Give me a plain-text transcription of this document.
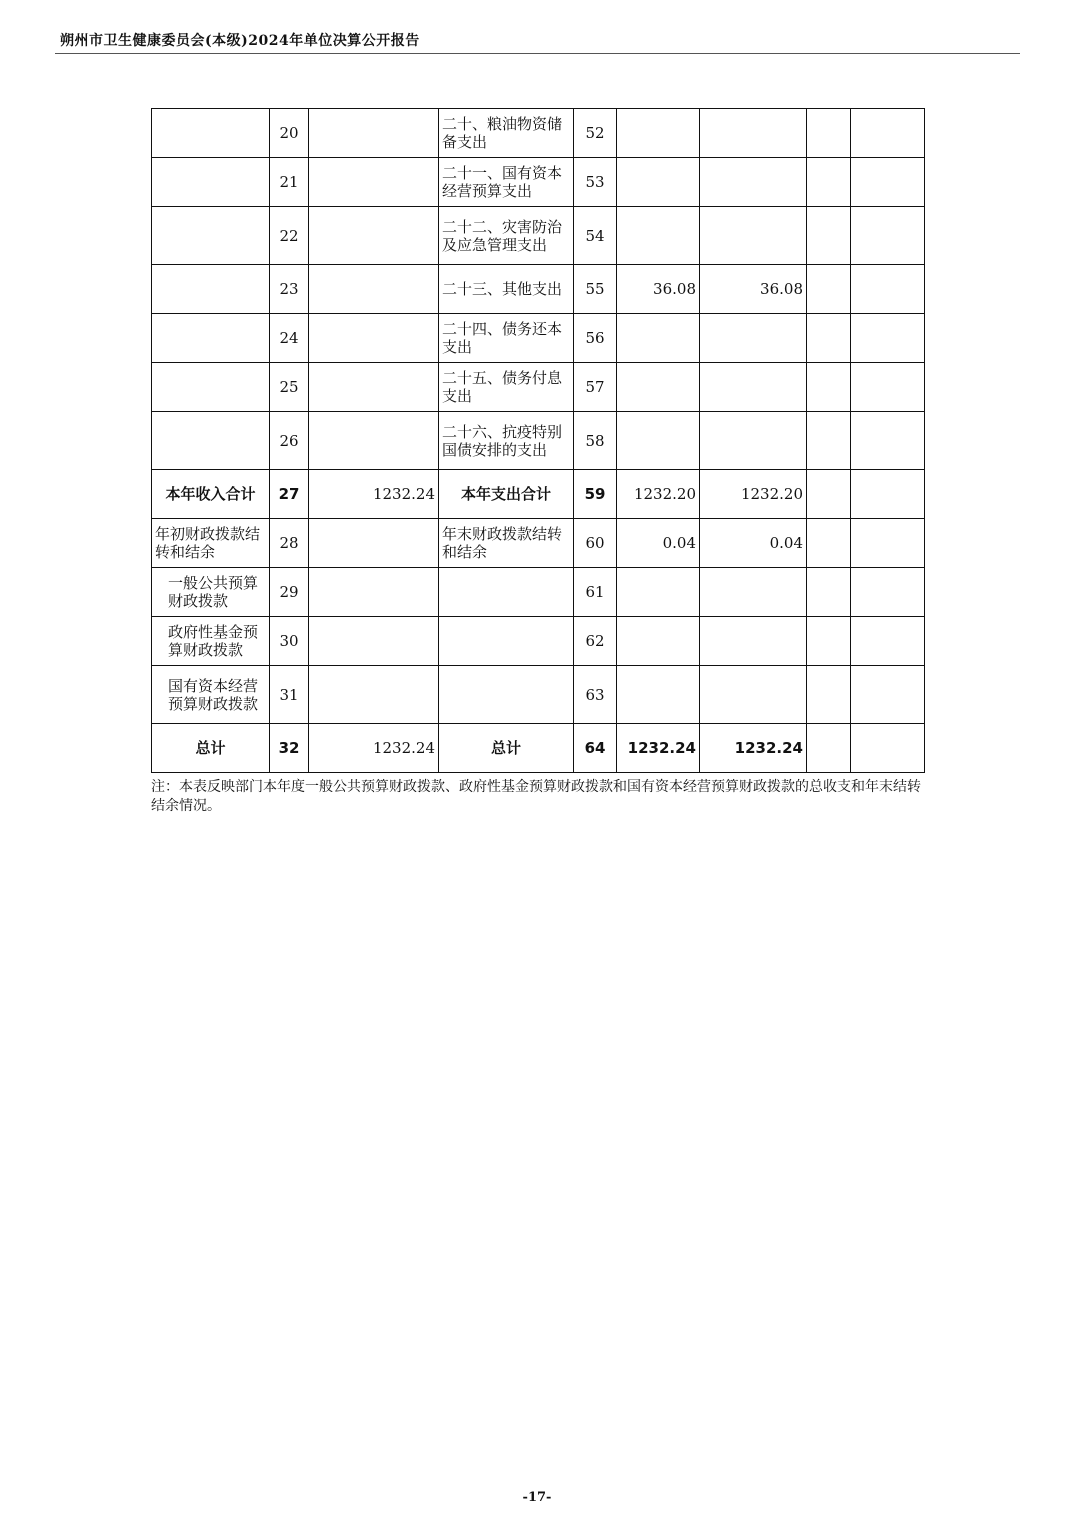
朔州市卫生健康委员会(本级)2024年单位决算公开报告
	20		二十、粮油物资储备支出	52				
	21		二十一、国有资本经营预算支出	53				
	22		二十二、灾害防治及应急管理支出	54				
	23		二十三、其他支出	55	36.08	36.08		
	24		二十四、债务还本支出	56				
	25		二十五、债务付息支出	57				
	26		二十六、抗疫特别国债安排的支出	58				
本年收入合计	27	1232.24	本年支出合计	59	1232.20	1232.20		
年初财政拨款结转和结余	28		年末财政拨款结转和结余	60	0.04	0.04		
一般公共预算财政拨款	29			61				
政府性基金预算财政拨款	30			62				
国有资本经营预算财政拨款	31			63				
总计	32	1232.24	总计	64	1232.24	1232.24		
注：本表反映部门本年度一般公共预算财政拨款、政府性基金预算财政拨款和国有资本经营预算财政拨款的总收支和年末结转结余情况。
-17-
